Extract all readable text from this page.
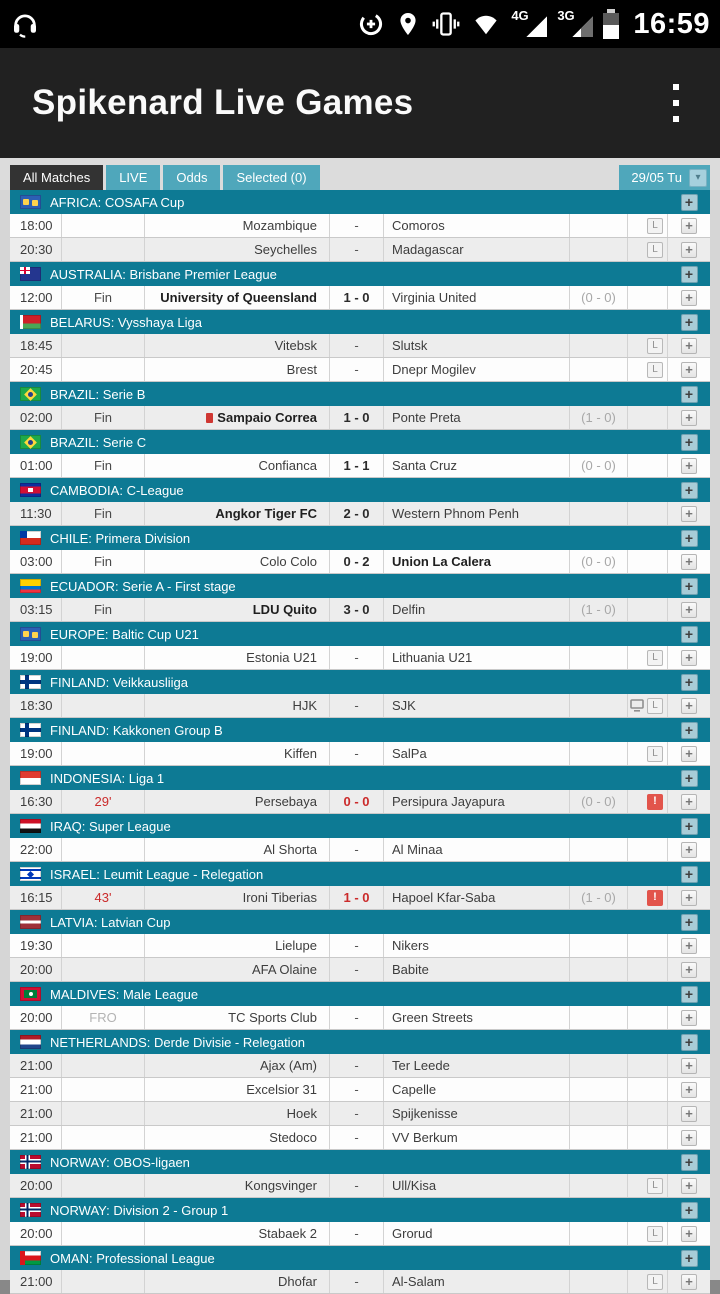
4G 3G 16:59
Spikenard Live Games
All Matches	LIVE	Odds	Selected (0)	29/05 Tu	▾
AFRICA: COSAFA Cup	+
18:00	Mozambique	-	Comoros	L	+
20:30	Seychelles	-	Madagascar	L	+
AUSTRALIA: Brisbane Premier League	+
12:00	Fin	University of Queensland	1 - 0	Virginia United	(0 - 0)	+
BELARUS: Vysshaya Liga	+
18:45	Vitebsk	-	Slutsk	L	+
20:45	Brest	-	Dnepr Mogilev	L	+
BRAZIL: Serie B	+
02:00	Fin	Sampaio Correa	1 - 0	Ponte Preta	(1 - 0)	+
BRAZIL: Serie C	+
01:00	Fin	Confianca	1 - 1	Santa Cruz	(0 - 0)	+
CAMBODIA: C-League	+
11:30	Fin	Angkor Tiger FC	2 - 0	Western Phnom Penh	+
CHILE: Primera Division	+
03:00	Fin	Colo Colo	0 - 2	Union La Calera	(0 - 0)	+
ECUADOR: Serie A - First stage	+
03:15	Fin	LDU Quito	3 - 0	Delfin	(1 - 0)	+
EUROPE: Baltic Cup U21	+
19:00	Estonia U21	-	Lithuania U21	L	+
FINLAND: Veikkausliiga	+
18:30	HJK	-	SJK	L	+
FINLAND: Kakkonen Group B	+
19:00	Kiffen	-	SalPa	L	+
INDONESIA: Liga 1	+
16:30	29'	Persebaya	0 - 0	Persipura Jayapura	(0 - 0)	!	+
IRAQ: Super League	+
22:00	Al Shorta	-	Al Minaa	+
ISRAEL: Leumit League - Relegation	+
16:15	43'	Ironi Tiberias	1 - 0	Hapoel Kfar-Saba	(1 - 0)	!	+
LATVIA: Latvian Cup	+
19:30	Lielupe	-	Nikers	+
20:00	AFA Olaine	-	Babite	+
MALDIVES: Male League	+
20:00	FRO	TC Sports Club	-	Green Streets	+
NETHERLANDS: Derde Divisie - Relegation	+
21:00	Ajax (Am)	-	Ter Leede	+
21:00	Excelsior 31	-	Capelle	+
21:00	Hoek	-	Spijkenisse	+
21:00	Stedoco	-	VV Berkum	+
NORWAY: OBOS-ligaen	+
20:00	Kongsvinger	-	Ull/Kisa	L	+
NORWAY: Division 2 - Group 1	+
20:00	Stabaek 2	-	Grorud	L	+
OMAN: Professional League	+
21:00	Dhofar	-	Al-Salam	L	+
